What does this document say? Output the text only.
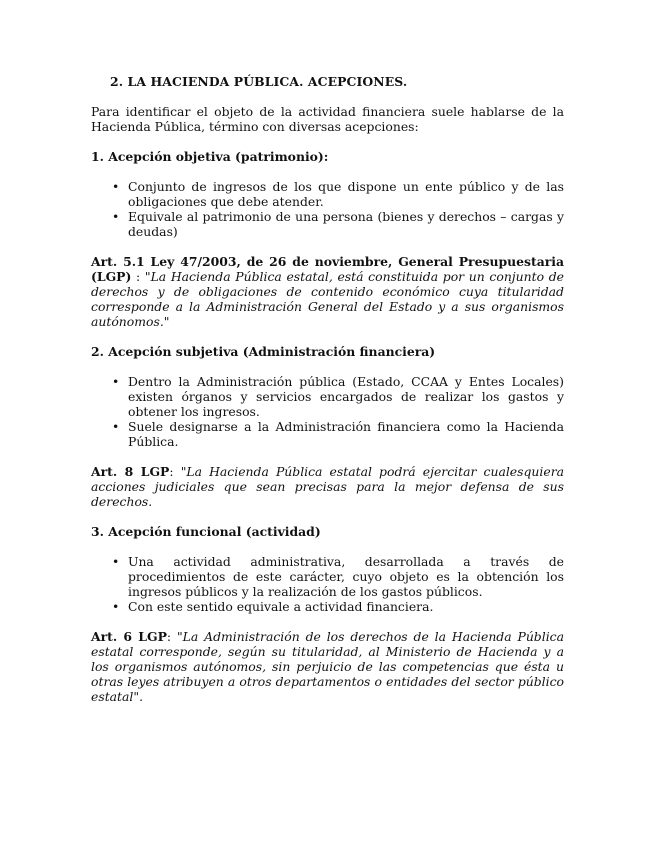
2. LA HACIENDA PÚBLICA. ACEPCIONES.

Para identificar el objeto de la actividad financiera suele hablarse de la Hacienda Pública, término con diversas acepciones:

1. Acepción objetiva (patrimonio):

• Conjunto de ingresos de los que dispone un ente público y de las obligaciones que debe atender.
• Equivale al patrimonio de una persona (bienes y derechos – cargas y deudas)

Art. 5.1 Ley 47/2003, de 26 de noviembre, General Presupuestaria (LGP) : "La Hacienda Pública estatal, está constituida por un conjunto de derechos y de obligaciones de contenido económico cuya titularidad corresponde a la Administración General del Estado y a sus organismos autónomos."

2. Acepción subjetiva (Administración financiera)

• Dentro la Administración pública (Estado, CCAA y Entes Locales) existen órganos y servicios encargados de realizar los gastos y obtener los ingresos.
• Suele designarse a la Administración financiera como la Hacienda Pública.

Art. 8 LGP: "La Hacienda Pública estatal podrá ejercitar cualesquiera acciones judiciales que sean precisas para la mejor defensa de sus derechos.

3. Acepción funcional (actividad)

• Una actividad administrativa, desarrollada a través de procedimientos de este carácter, cuyo objeto es la obtención los ingresos públicos y la realización de los gastos públicos.
• Con este sentido equivale a actividad financiera.

Art. 6 LGP: "La Administración de los derechos de la Hacienda Pública estatal corresponde, según su titularidad, al Ministerio de Hacienda y a los organismos autónomos, sin perjuicio de las competencias que ésta u otras leyes atribuyen a otros departamentos o entidades del sector público estatal".
